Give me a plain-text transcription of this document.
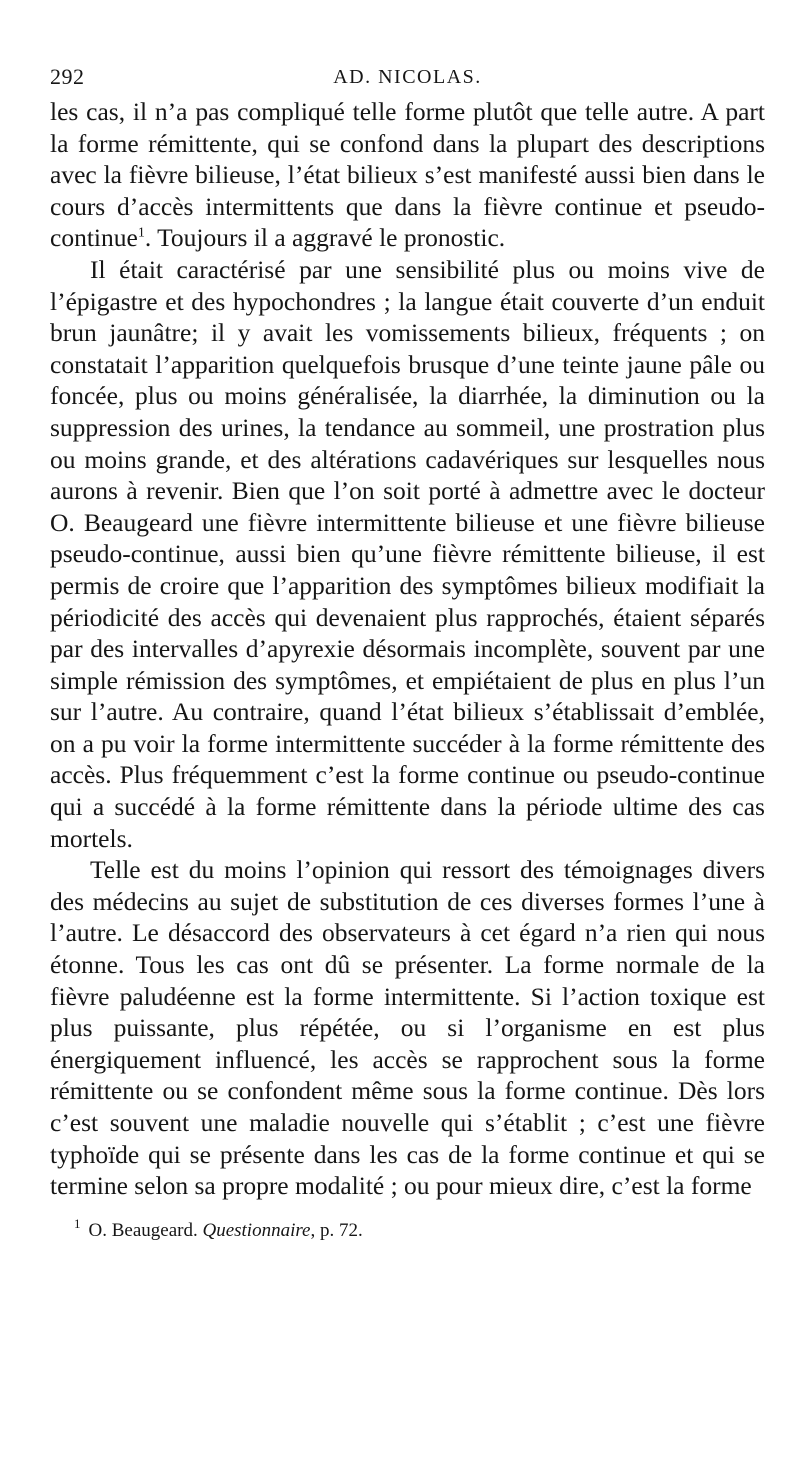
292	AD. NICOLAS.

les cas, il n’a pas compliqué telle forme plutôt que telle autre. A part la forme rémittente, qui se confond dans la plupart des descriptions avec la fièvre bilieuse, l’état bilieux s’est manifesté aussi bien dans le cours d’accès intermittents que dans la fièvre continue et pseudo-continue$^1$. Toujours il a aggravé le pronostic.

Il était caractérisé par une sensibilité plus ou moins vive de l’épigastre et des hypochondres ; la langue était couverte d’un enduit brun jaunâtre; il y avait les vomissements bilieux, fréquents ; on constatait l’apparition quelquefois brusque d’une teinte jaune pâle ou foncée, plus ou moins généralisée, la diarrhée, la diminution ou la suppression des urines, la tendance au sommeil, une prostration plus ou moins grande, et des altérations cadavériques sur lesquelles nous aurons à revenir. Bien que l’on soit porté à admettre avec le docteur O. Beaugeard une fièvre intermittente bilieuse et une fièvre bilieuse pseudo-continue, aussi bien qu’une fièvre rémittente bilieuse, il est permis de croire que l’apparition des symptômes bilieux modifiait la périodicité des accès qui devenaient plus rapprochés, étaient séparés par des intervalles d’apyrexie désormais incomplète, souvent par une simple rémission des symptômes, et empiétaient de plus en plus l’un sur l’autre. Au contraire, quand l’état bilieux s’établissait d’emblée, on a pu voir la forme intermittente succéder à la forme rémittente des accès. Plus fréquemment c’est la forme continue ou pseudo-continue qui a succédé à la forme rémittente dans la période ultime des cas mortels.

Telle est du moins l’opinion qui ressort des témoignages divers des médecins au sujet de substitution de ces diverses formes l’une à l’autre. Le désaccord des observateurs à cet égard n’a rien qui nous étonne. Tous les cas ont dû se présenter. La forme normale de la fièvre paludéenne est la forme intermittente. Si l’action toxique est plus puissante, plus répétée, ou si l’organisme en est plus énergiquement influencé, les accès se rapprochent sous la forme rémittente ou se confondent même sous la forme continue. Dès lors c’est souvent une maladie nouvelle qui s’établit ; c’est une fièvre typhoïde qui se présente dans les cas de la forme continue et qui se termine selon sa propre modalité ; ou pour mieux dire, c’est la forme

$^1$ O. Beaugeard. Questionnaire, p. 72.
